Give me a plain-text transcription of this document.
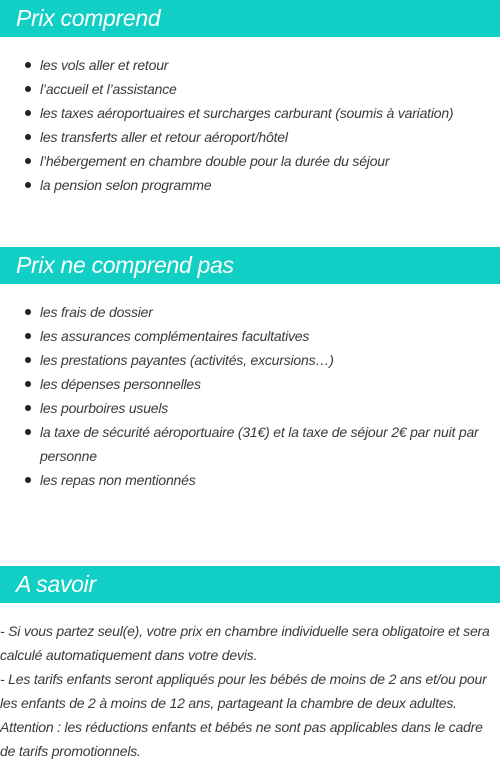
Prix comprend
les vols aller et retour
l’accueil et l’assistance
les taxes aéroportuaires et surcharges carburant (soumis à variation)
les transferts aller et retour aéroport/hôtel
l’hébergement en chambre double pour la durée du séjour
la pension selon programme
Prix ne comprend pas
les frais de dossier
les assurances complémentaires facultatives
les prestations payantes (activités, excursions…)
les dépenses personnelles
les pourboires usuels
la taxe de sécurité aéroportuaire (31€) et la taxe de séjour 2€ par nuit par personne
les repas non mentionnés
A savoir

- Si vous partez seul(e), votre prix en chambre individuelle sera obligatoire et sera calculé automatiquement dans votre devis.

- Les tarifs enfants seront appliqués pour les bébés de moins de 2 ans et/ou pour les enfants de 2 à moins de 12 ans, partageant la chambre de deux adultes.

Attention : les réductions enfants et bébés ne sont pas applicables dans le cadre de tarifs promotionnels.
